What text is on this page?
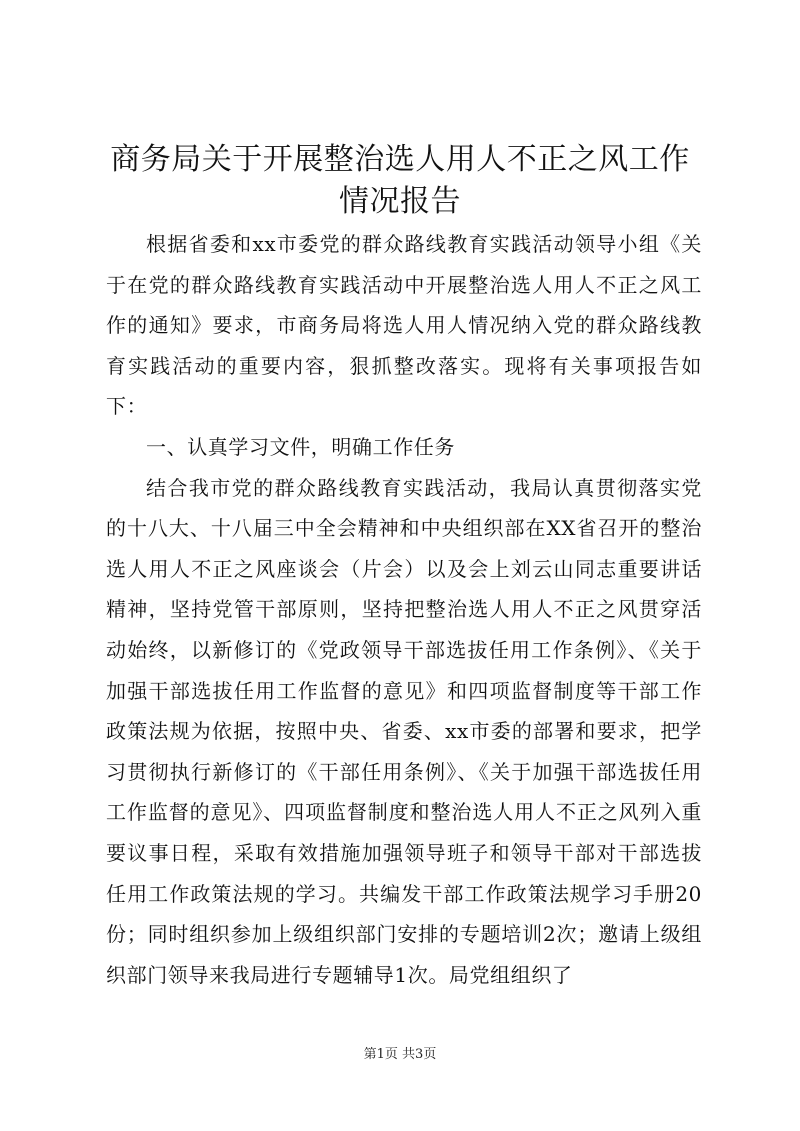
商务局关于开展整治选人用人不正之风工作情况报告

根据省委和xx市委党的群众路线教育实践活动领导小组《关于在党的群众路线教育实践活动中开展整治选人用人不正之风工作的通知》要求，市商务局将选人用人情况纳入党的群众路线教育实践活动的重要内容，狠抓整改落实。现将有关事项报告如下：

一、认真学习文件，明确工作任务

结合我市党的群众路线教育实践活动，我局认真贯彻落实党的十八大、十八届三中全会精神和中央组织部在XX省召开的整治选人用人不正之风座谈会（片会）以及会上刘云山同志重要讲话精神，坚持党管干部原则，坚持把整治选人用人不正之风贯穿活动始终，以新修订的《党政领导干部选拔任用工作条例》、《关于加强干部选拔任用工作监督的意见》和四项监督制度等干部工作政策法规为依据，按照中央、省委、xx市委的部署和要求，把学习贯彻执行新修订的《干部任用条例》、《关于加强干部选拔任用工作监督的意见》、四项监督制度和整治选人用人不正之风列入重要议事日程，采取有效措施加强领导班子和领导干部对干部选拔任用工作政策法规的学习。共编发干部工作政策法规学习手册20份；同时组织参加上级组织部门安排的专题培训2次；邀请上级组织部门领导来我局进行专题辅导1次。局党组组织了

第1页 共3页
